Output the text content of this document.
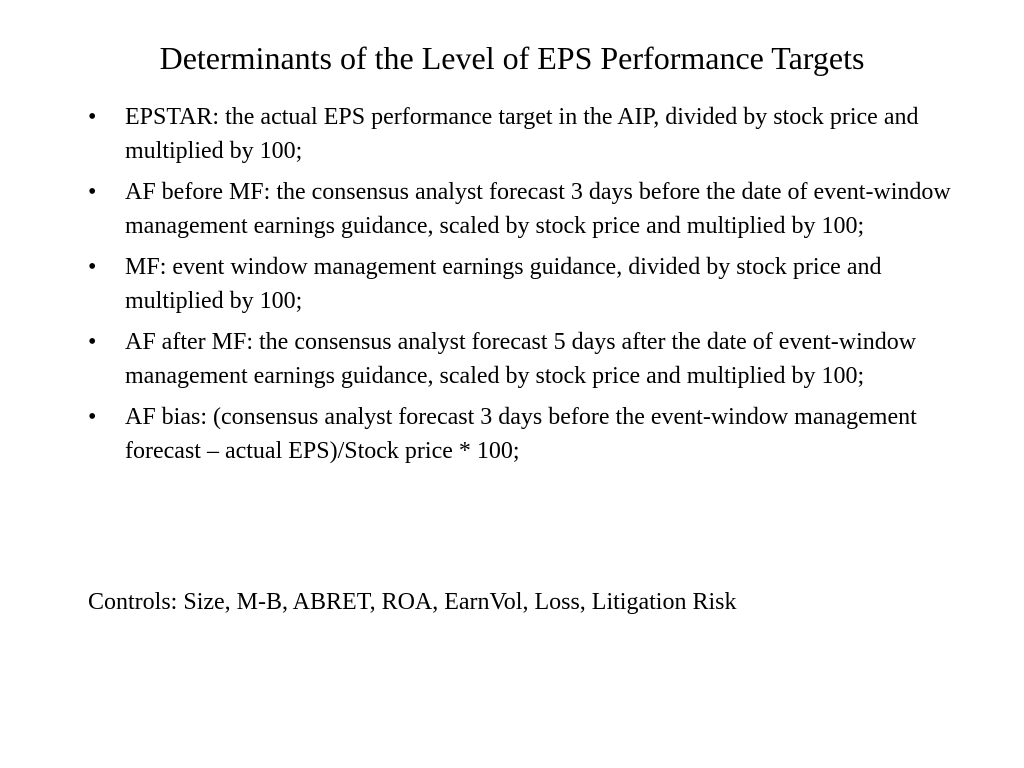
Determinants of the Level of EPS Performance Targets
•	EPSTAR: the actual EPS performance target in the AIP, divided by stock price and multiplied by 100;
•	AF before MF: the consensus analyst forecast 3 days before the date of event-window management earnings guidance, scaled by stock price and multiplied by 100;
•	MF: event window management earnings guidance, divided by stock price and multiplied by 100;
•	AF after MF: the consensus analyst forecast 5 days after the date of event-window management earnings guidance, scaled by stock price and multiplied by 100;
•	AF bias: (consensus analyst forecast 3 days before the event-window management forecast – actual EPS)/Stock price * 100;

Controls: Size, M-B, ABRET, ROA, EarnVol, Loss, Litigation Risk
